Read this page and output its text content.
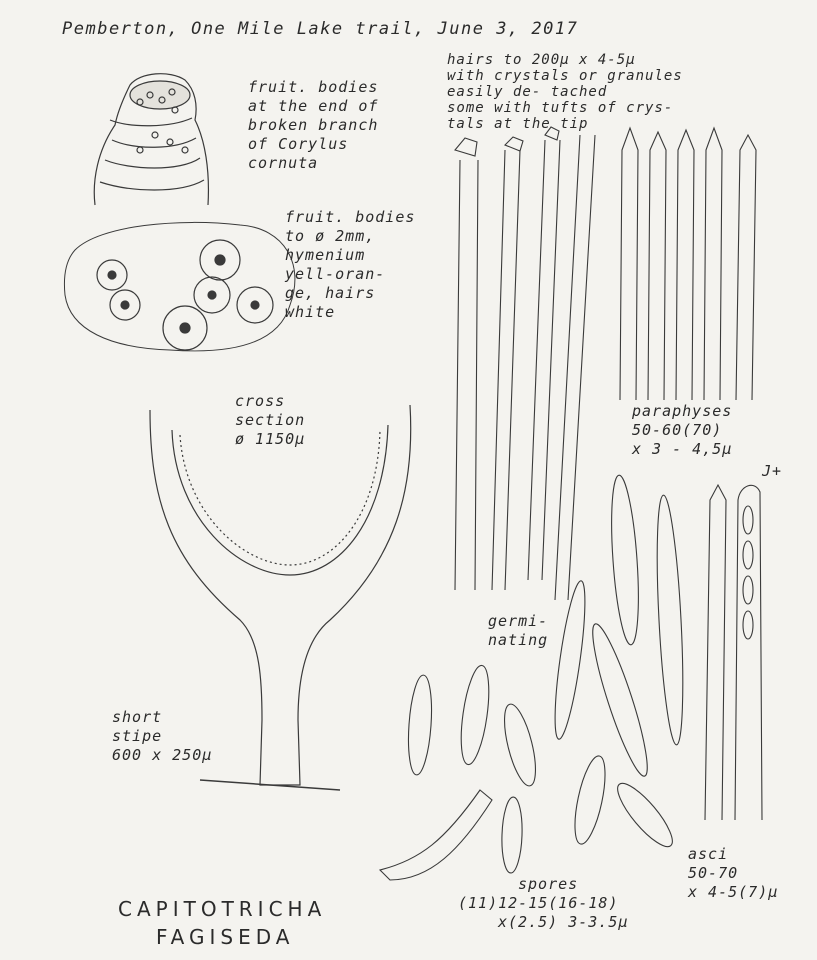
Pemberton, One Mile Lake trail, June 3, 2017
fruit. bodies
at the end of
broken branch
of Corylus
cornuta
fruit. bodies
to ø 2mm,
hymenium
yell-oran-
ge, hairs
white
hairs to 200µ x 4-5µ
with crystals or granules
easily de- tached
some with tufts of crys-
tals at the tip
cross
section
ø 1150µ
paraphyses
50-60(70)
x 3 - 4,5µ
J+
germi-
nating
short
stipe
600 x 250µ
asci
50-70
x 4-5(7)µ
spores
(11)12-15(16-18)
x(2.5) 3-3.5µ
CAPITOTRICHA
FAGISEDA
